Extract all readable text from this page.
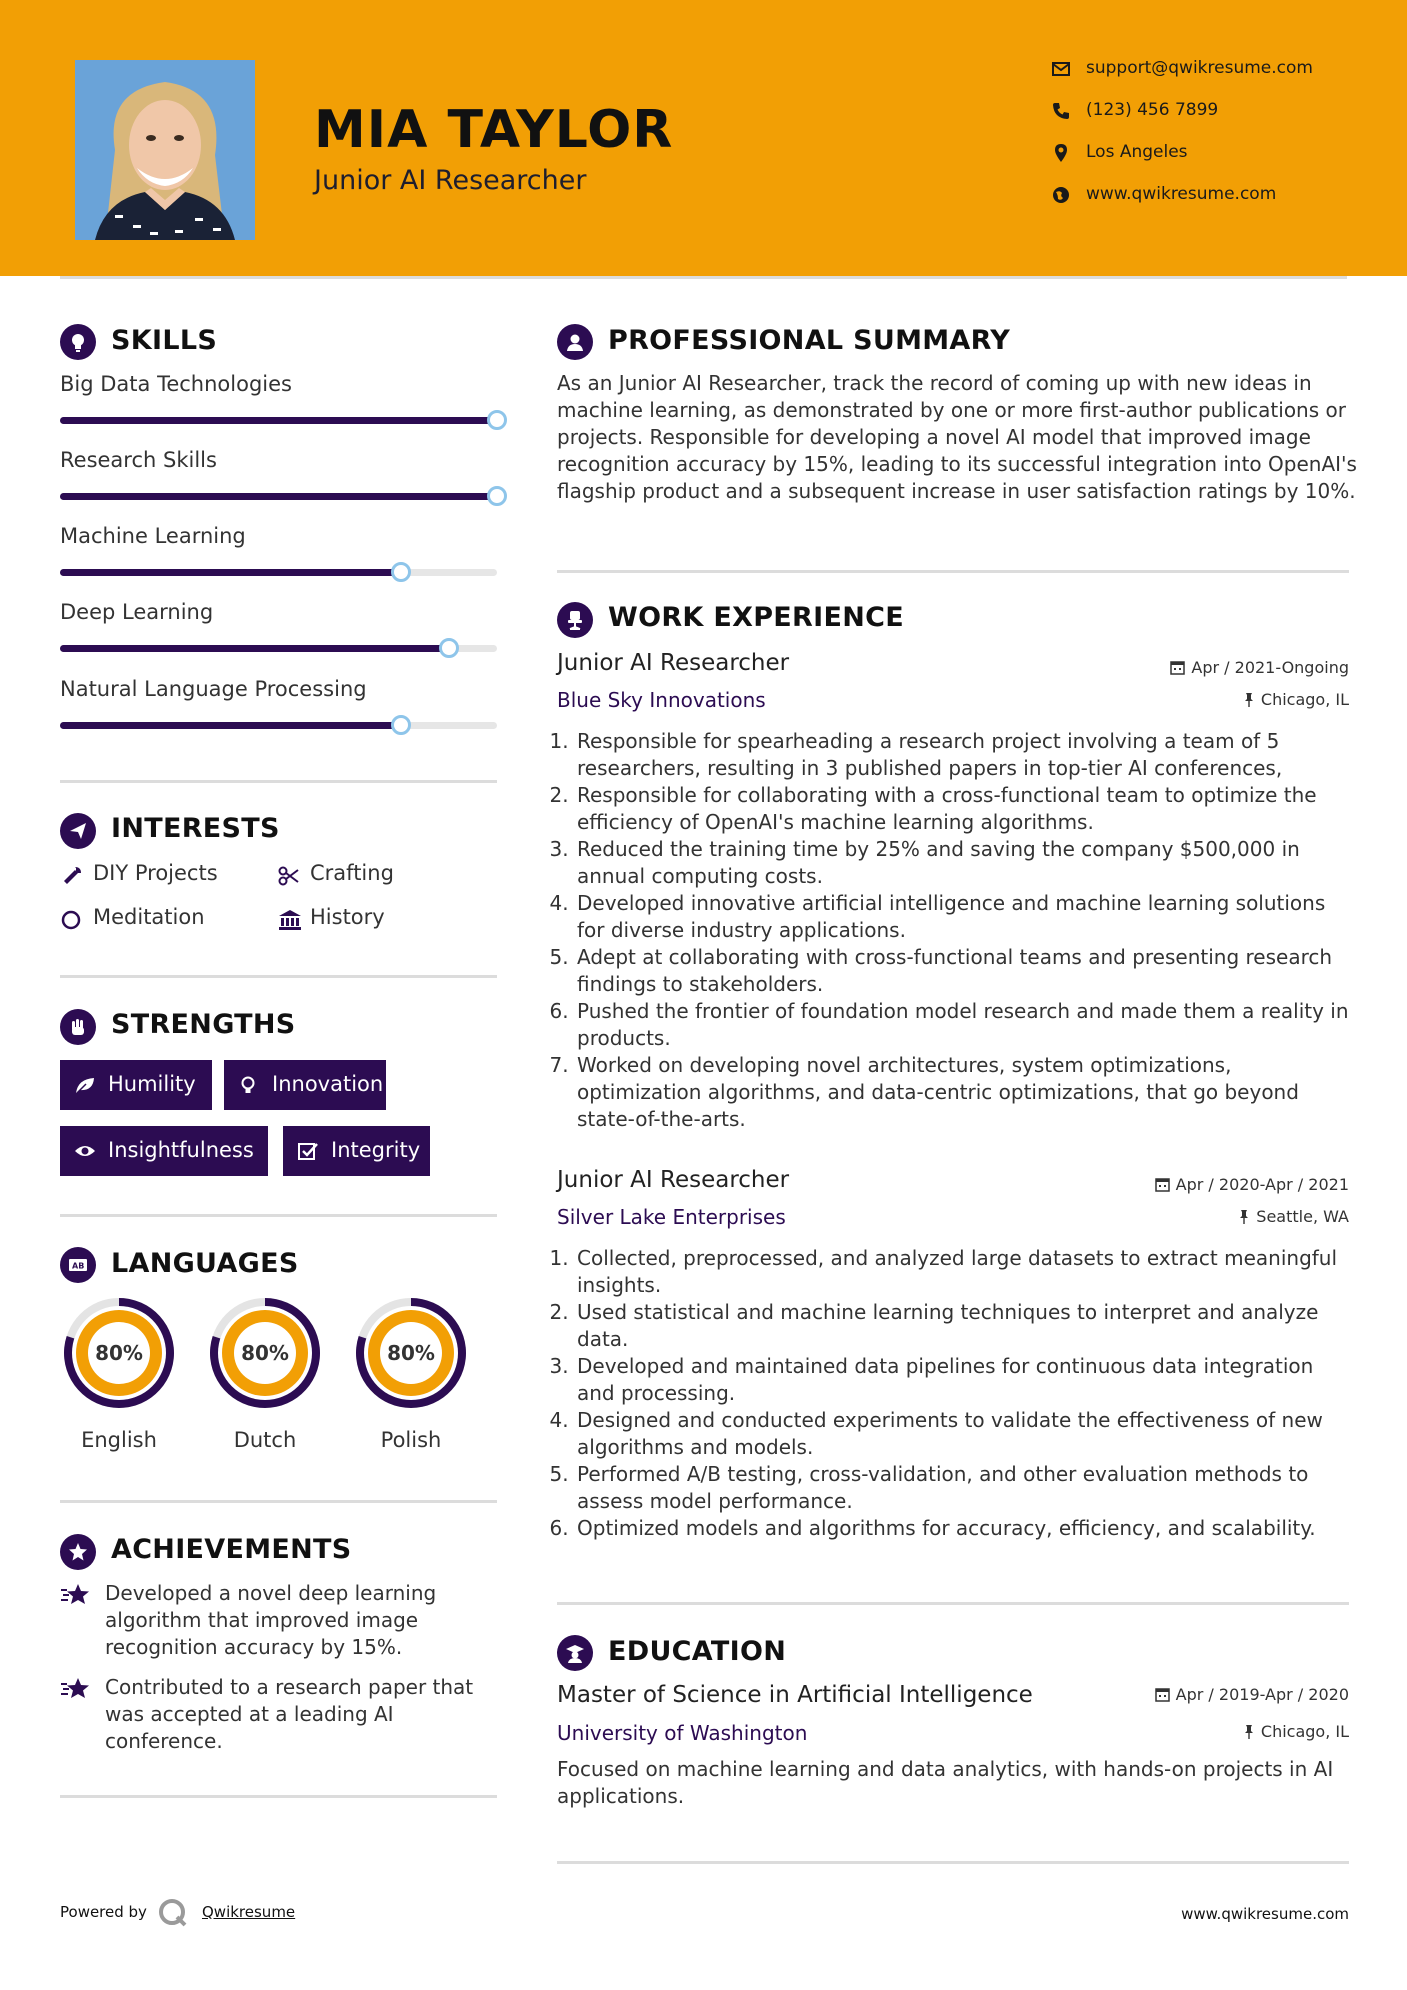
MIA TAYLOR
Junior AI Researcher
support@qwikresume.com
(123) 456 7899
Los Angeles
www.qwikresume.com
SKILLS
Big Data Technologies
Research Skills
Machine Learning
Deep Learning
Natural Language Processing
INTERESTS
DIY Projects	Crafting
Meditation	History
STRENGTHS
Humility	Innovation
Insightfulness	Integrity
AB LANGUAGES
80%
English
80%
Dutch
80%
Polish
ACHIEVEMENTS
Developed a novel deep learning algorithm that improved image recognition accuracy by 15%.
Contributed to a research paper that was accepted at a leading AI conference.
PROFESSIONAL SUMMARY
As an Junior AI Researcher, track the record of coming up with new ideas in machine learning, as demonstrated by one or more first-author publications or projects. Responsible for developing a novel AI model that improved image recognition accuracy by 15%, leading to its successful integration into OpenAI's flagship product and a subsequent increase in user satisfaction ratings by 10%.
WORK EXPERIENCE
Junior AI Researcher	Apr / 2021-Ongoing
Blue Sky Innovations	Chicago, IL
1. Responsible for spearheading a research project involving a team of 5 researchers, resulting in 3 published papers in top-tier AI conferences,
2. Responsible for collaborating with a cross-functional team to optimize the efficiency of OpenAI's machine learning algorithms.
3. Reduced the training time by 25% and saving the company $500,000 in annual computing costs.
4. Developed innovative artificial intelligence and machine learning solutions for diverse industry applications.
5. Adept at collaborating with cross-functional teams and presenting research findings to stakeholders.
6. Pushed the frontier of foundation model research and made them a reality in products.
7. Worked on developing novel architectures, system optimizations, optimization algorithms, and data-centric optimizations, that go beyond state-of-the-arts.
Junior AI Researcher	Apr / 2020-Apr / 2021
Silver Lake Enterprises	Seattle, WA
1. Collected, preprocessed, and analyzed large datasets to extract meaningful insights.
2. Used statistical and machine learning techniques to interpret and analyze data.
3. Developed and maintained data pipelines for continuous data integration and processing.
4. Designed and conducted experiments to validate the effectiveness of new algorithms and models.
5. Performed A/B testing, cross-validation, and other evaluation methods to assess model performance.
6. Optimized models and algorithms for accuracy, efficiency, and scalability.
EDUCATION
Master of Science in Artificial Intelligence	Apr / 2019-Apr / 2020
University of Washington	Chicago, IL
Focused on machine learning and data analytics, with hands-on projects in AI applications.
Powered by	Qwikresume	www.qwikresume.com
